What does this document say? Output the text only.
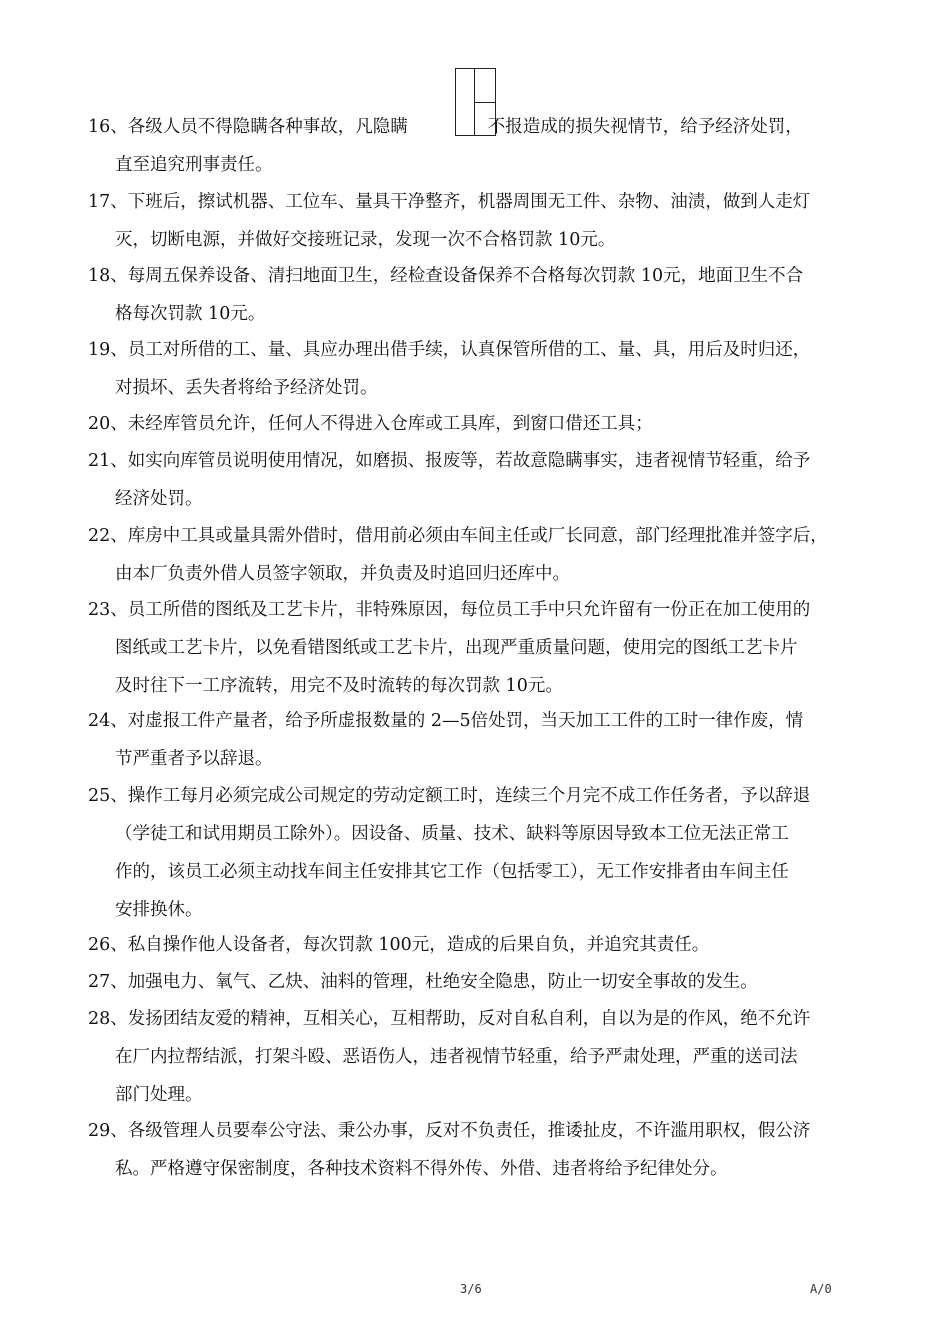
16、各级人员不得隐瞒各种事故，凡隐瞒	不报造成的损失视情节，给予经济处罚，
直至追究刑事责任。
17、下班后，擦试机器、工位车、量具干净整齐，机器周围无工件、杂物、油渍，做到人走灯
灭，切断电源，并做好交接班记录，发现一次不合格罚款 10元。
18、每周五保养设备、清扫地面卫生，经检查设备保养不合格每次罚款 10元，地面卫生不合
格每次罚款 10元。
19、员工对所借的工、量、具应办理出借手续，认真保管所借的工、量、具，用后及时归还，
对损坏、丢失者将给予经济处罚。
20、未经库管员允许，任何人不得进入仓库或工具库，到窗口借还工具；
21、如实向库管员说明使用情况，如磨损、报废等，若故意隐瞒事实，违者视情节轻重，给予
经济处罚。
22、库房中工具或量具需外借时，借用前必须由车间主任或厂长同意，部门经理批准并签字后，
由本厂负责外借人员签字领取，并负责及时追回归还库中。
23、员工所借的图纸及工艺卡片，非特殊原因，每位员工手中只允许留有一份正在加工使用的
图纸或工艺卡片，以免看错图纸或工艺卡片，出现严重质量问题，使用完的图纸工艺卡片
及时往下一工序流转，用完不及时流转的每次罚款 10元。
24、对虚报工件产量者，给予所虚报数量的 2—5倍处罚，当天加工工件的工时一律作废，情
节严重者予以辞退。
25、操作工每月必须完成公司规定的劳动定额工时，连续三个月完不成工作任务者，予以辞退
（学徒工和试用期员工除外）。因设备、质量、技术、缺料等原因导致本工位无法正常工
作的，该员工必须主动找车间主任安排其它工作（包括零工），无工作安排者由车间主任
安排换休。
26、私自操作他人设备者，每次罚款 100元，造成的后果自负，并追究其责任。
27、加强电力、氧气、乙炔、油料的管理，杜绝安全隐患，防止一切安全事故的发生。
28、发扬团结友爱的精神，互相关心，互相帮助，反对自私自利，自以为是的作风，绝不允许
在厂内拉帮结派，打架斗殴、恶语伤人，违者视情节轻重，给予严肃处理，严重的送司法
部门处理。
29、各级管理人员要奉公守法、秉公办事，反对不负责任，推诿扯皮，不许滥用职权，假公济
私。严格遵守保密制度，各种技术资料不得外传、外借、违者将给予纪律处分。
3/6	A/0
